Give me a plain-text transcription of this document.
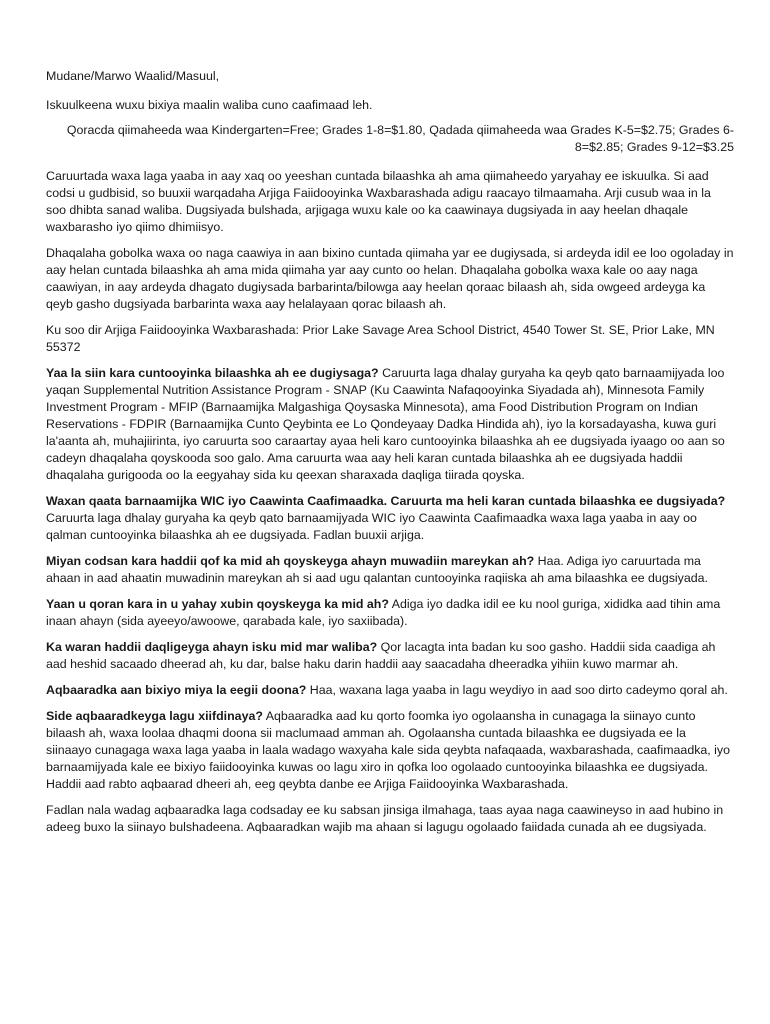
Mudane/Marwo Waalid/Masuul,

Iskuulkeena wuxu bixiya maalin waliba cuno caafimaad leh.

Qoracda qiimaheeda waa Kindergarten=Free; Grades 1-8=$1.80, Qadada qiimaheeda waa Grades K-5=$2.75; Grades 6-8=$2.85; Grades 9-12=$3.25

Caruurtada waxa laga yaaba in aay xaq oo yeeshan cuntada bilaashka ah ama qiimaheedo yaryahay ee iskuulka. Si aad codsi u gudbisid, so buuxii warqadaha Arjiga Faiidooyinka Waxbarashada adigu raacayo tilmaamaha. Arji cusub waa in la soo dhibta sanad waliba. Dugsiyada bulshada, arjigaga wuxu kale oo ka caawinaya dugsiyada in aay heelan dhaqale waxbarasho iyo qiimo dhimiisyo.

Dhaqalaha gobolka waxa oo naga caawiya in aan bixino cuntada qiimaha yar ee dugiysada, si ardeyda idil ee loo ogoladay in aay helan cuntada bilaashka ah ama mida qiimaha yar aay cunto oo helan. Dhaqalaha gobolka waxa kale oo aay naga caawiyan, in aay ardeyda dhagato dugiysada barbarinta/bilowga aay heelan qoraac bilaash ah, sida owgeed ardeyga ka qeyb gasho dugsiyada barbarinta waxa aay helalayaan qorac bilaash ah.

Ku soo dir Arjiga Faiidooyinka Waxbarashada: Prior Lake Savage Area School District, 4540 Tower St. SE, Prior Lake, MN 55372

Yaa la siin kara cuntooyinka bilaashka ah ee dugiysaga? Caruurta laga dhalay guryaha ka qeyb qato barnaamijyada loo yaqan Supplemental Nutrition Assistance Program - SNAP (Ku Caawinta Nafaqooyinka Siyadada ah), Minnesota Family Investment Program - MFIP (Barnaamijka Malgashiga Qoysaska Minnesota), ama Food Distribution Program on Indian Reservations - FDPIR (Barnaamijka Cunto Qeybinta ee Lo Qondeyaay Dadka Hindida ah), iyo la korsadayasha, kuwa guri la'aanta ah, muhajiirinta, iyo caruurta soo caraartay ayaa heli karo cuntooyinka bilaashka ah ee dugsiyada iyaago oo aan so cadeyn dhaqalaha qoyskooda soo galo. Ama caruurta waa aay heli karan cuntada bilaashka ah ee dugsiyada haddii dhaqalaha gurigooda oo la eegyahay sida ku qeexan sharaxada daqliga tiirada qoyska.

Waxan qaata barnaamijka WIC iyo Caawinta Caafimaadka. Caruurta ma heli karan cuntada bilaashka ee dugsiyada? Caruurta laga dhalay guryaha ka qeyb qato barnaamijyada WIC iyo Caawinta Caafimaadka waxa laga yaaba in aay oo qalman cuntooyinka bilaashka ah ee dugsiyada. Fadlan buuxii arjiga.

Miyan codsan kara haddii qof ka mid ah qoyskeyga ahayn muwadiin mareykan ah? Haa. Adiga iyo caruurtada ma ahaan in aad ahaatin muwadinin mareykan ah si aad ugu qalantan cuntooyinka raqiiska ah ama bilaashka ee dugsiyada.

Yaan u qoran kara in u yahay xubin qoyskeyga ka mid ah? Adiga iyo dadka idil ee ku nool guriga, xididka aad tihin ama inaan ahayn (sida ayeeyo/awoowe, qarabada kale, iyo saxiibada).

Ka waran haddii daqligeyga ahayn isku mid mar waliba? Qor lacagta inta badan ku soo gasho. Haddii sida caadiga ah aad heshid sacaado dheerad ah, ku dar, balse haku darin haddii aay saacadaha dheeradka yihiin kuwo marmar ah.

Aqbaaradka aan bixiyo miya la eegii doona? Haa, waxana laga yaaba in lagu weydiyo in aad soo dirto cadeymo qoral ah.

Side aqbaaradkeyga lagu xiifdinaya? Aqbaaradka aad ku qorto foomka iyo ogolaansha in cunagaga la siinayo cunto bilaash ah, waxa loolaa dhaqmi doona sii maclumaad amman ah. Ogolaansha cuntada bilaashka ee dugsiyada ee la siinaayo cunagaga waxa laga yaaba in laala wadago waxyaha kale sida qeybta nafaqaada, waxbarashada, caafimaadka, iyo barnaamijyada kale ee bixiyo faiidooyinka kuwas oo lagu xiro in qofka loo ogolaado cuntooyinka bilaashka ee dugsiyada. Haddii aad rabto aqbaarad dheeri ah, eeg qeybta danbe ee Arjiga Faiidooyinka Waxbarashada.

Fadlan nala wadag aqbaaradka laga codsaday ee ku sabsan jinsiga ilmahaga, taas ayaa naga caawineyso in aad hubino in adeeg buxo la siinayo bulshadeena. Aqbaaradkan wajib ma ahaan si lagugu ogolaado faiidada cunada ah ee dugsiyada.
